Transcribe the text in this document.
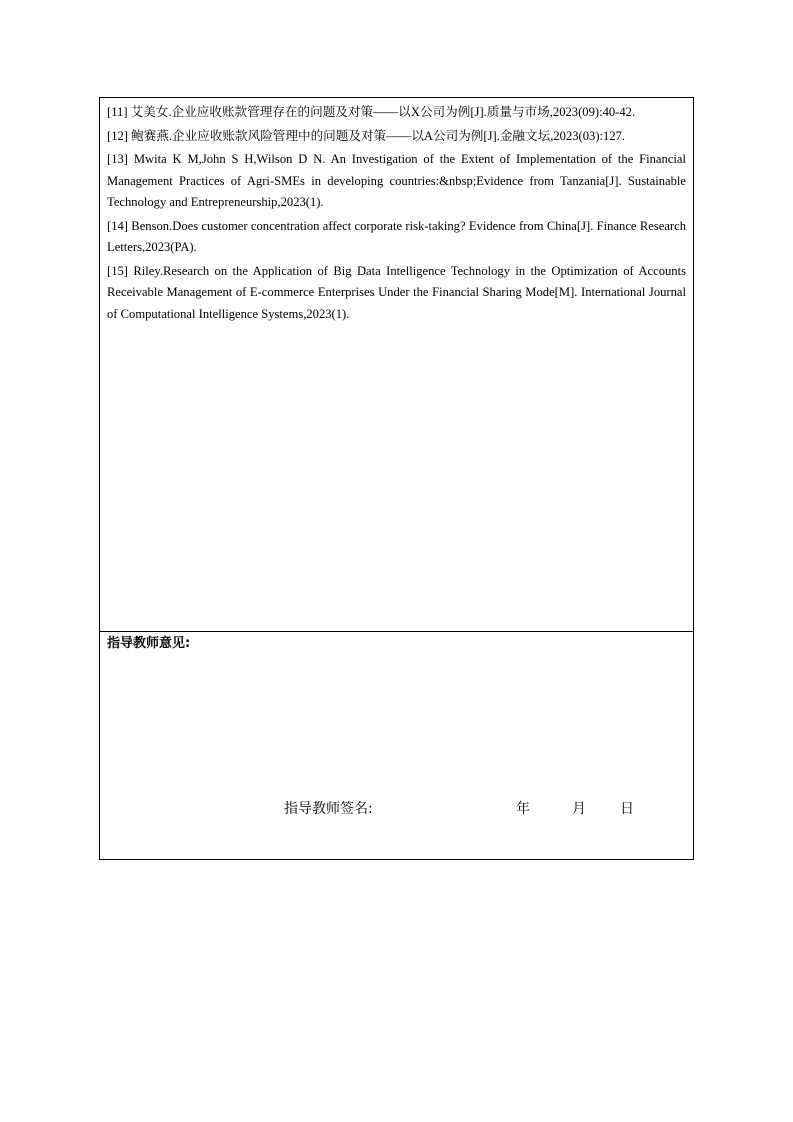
[11] 艾美女.企业应收账款管理存在的问题及对策——以X公司为例[J].质量与市场,2023(09):40-42.

[12] 鲍赛燕.企业应收账款风险管理中的问题及对策——以A公司为例[J].金融文坛,2023(03):127.

[13] Mwita K M,John S H,Wilson D N. An Investigation of the Extent of Implementation of the Financial Management Practices of Agri-SMEs in developing countries:&nbsp;Evidence from Tanzania[J]. Sustainable Technology and Entrepreneurship,2023(1).

[14] Benson.Does customer concentration affect corporate risk-taking? Evidence from China[J]. Finance Research Letters,2023(PA).

[15] Riley.Research on the Application of Big Data Intelligence Technology in the Optimization of Accounts Receivable Management of E-commerce Enterprises Under the Financial Sharing Mode[M]. International Journal of Computational Intelligence Systems,2023(1).

指导教师意见:
指导教师签名:	年	月 日
